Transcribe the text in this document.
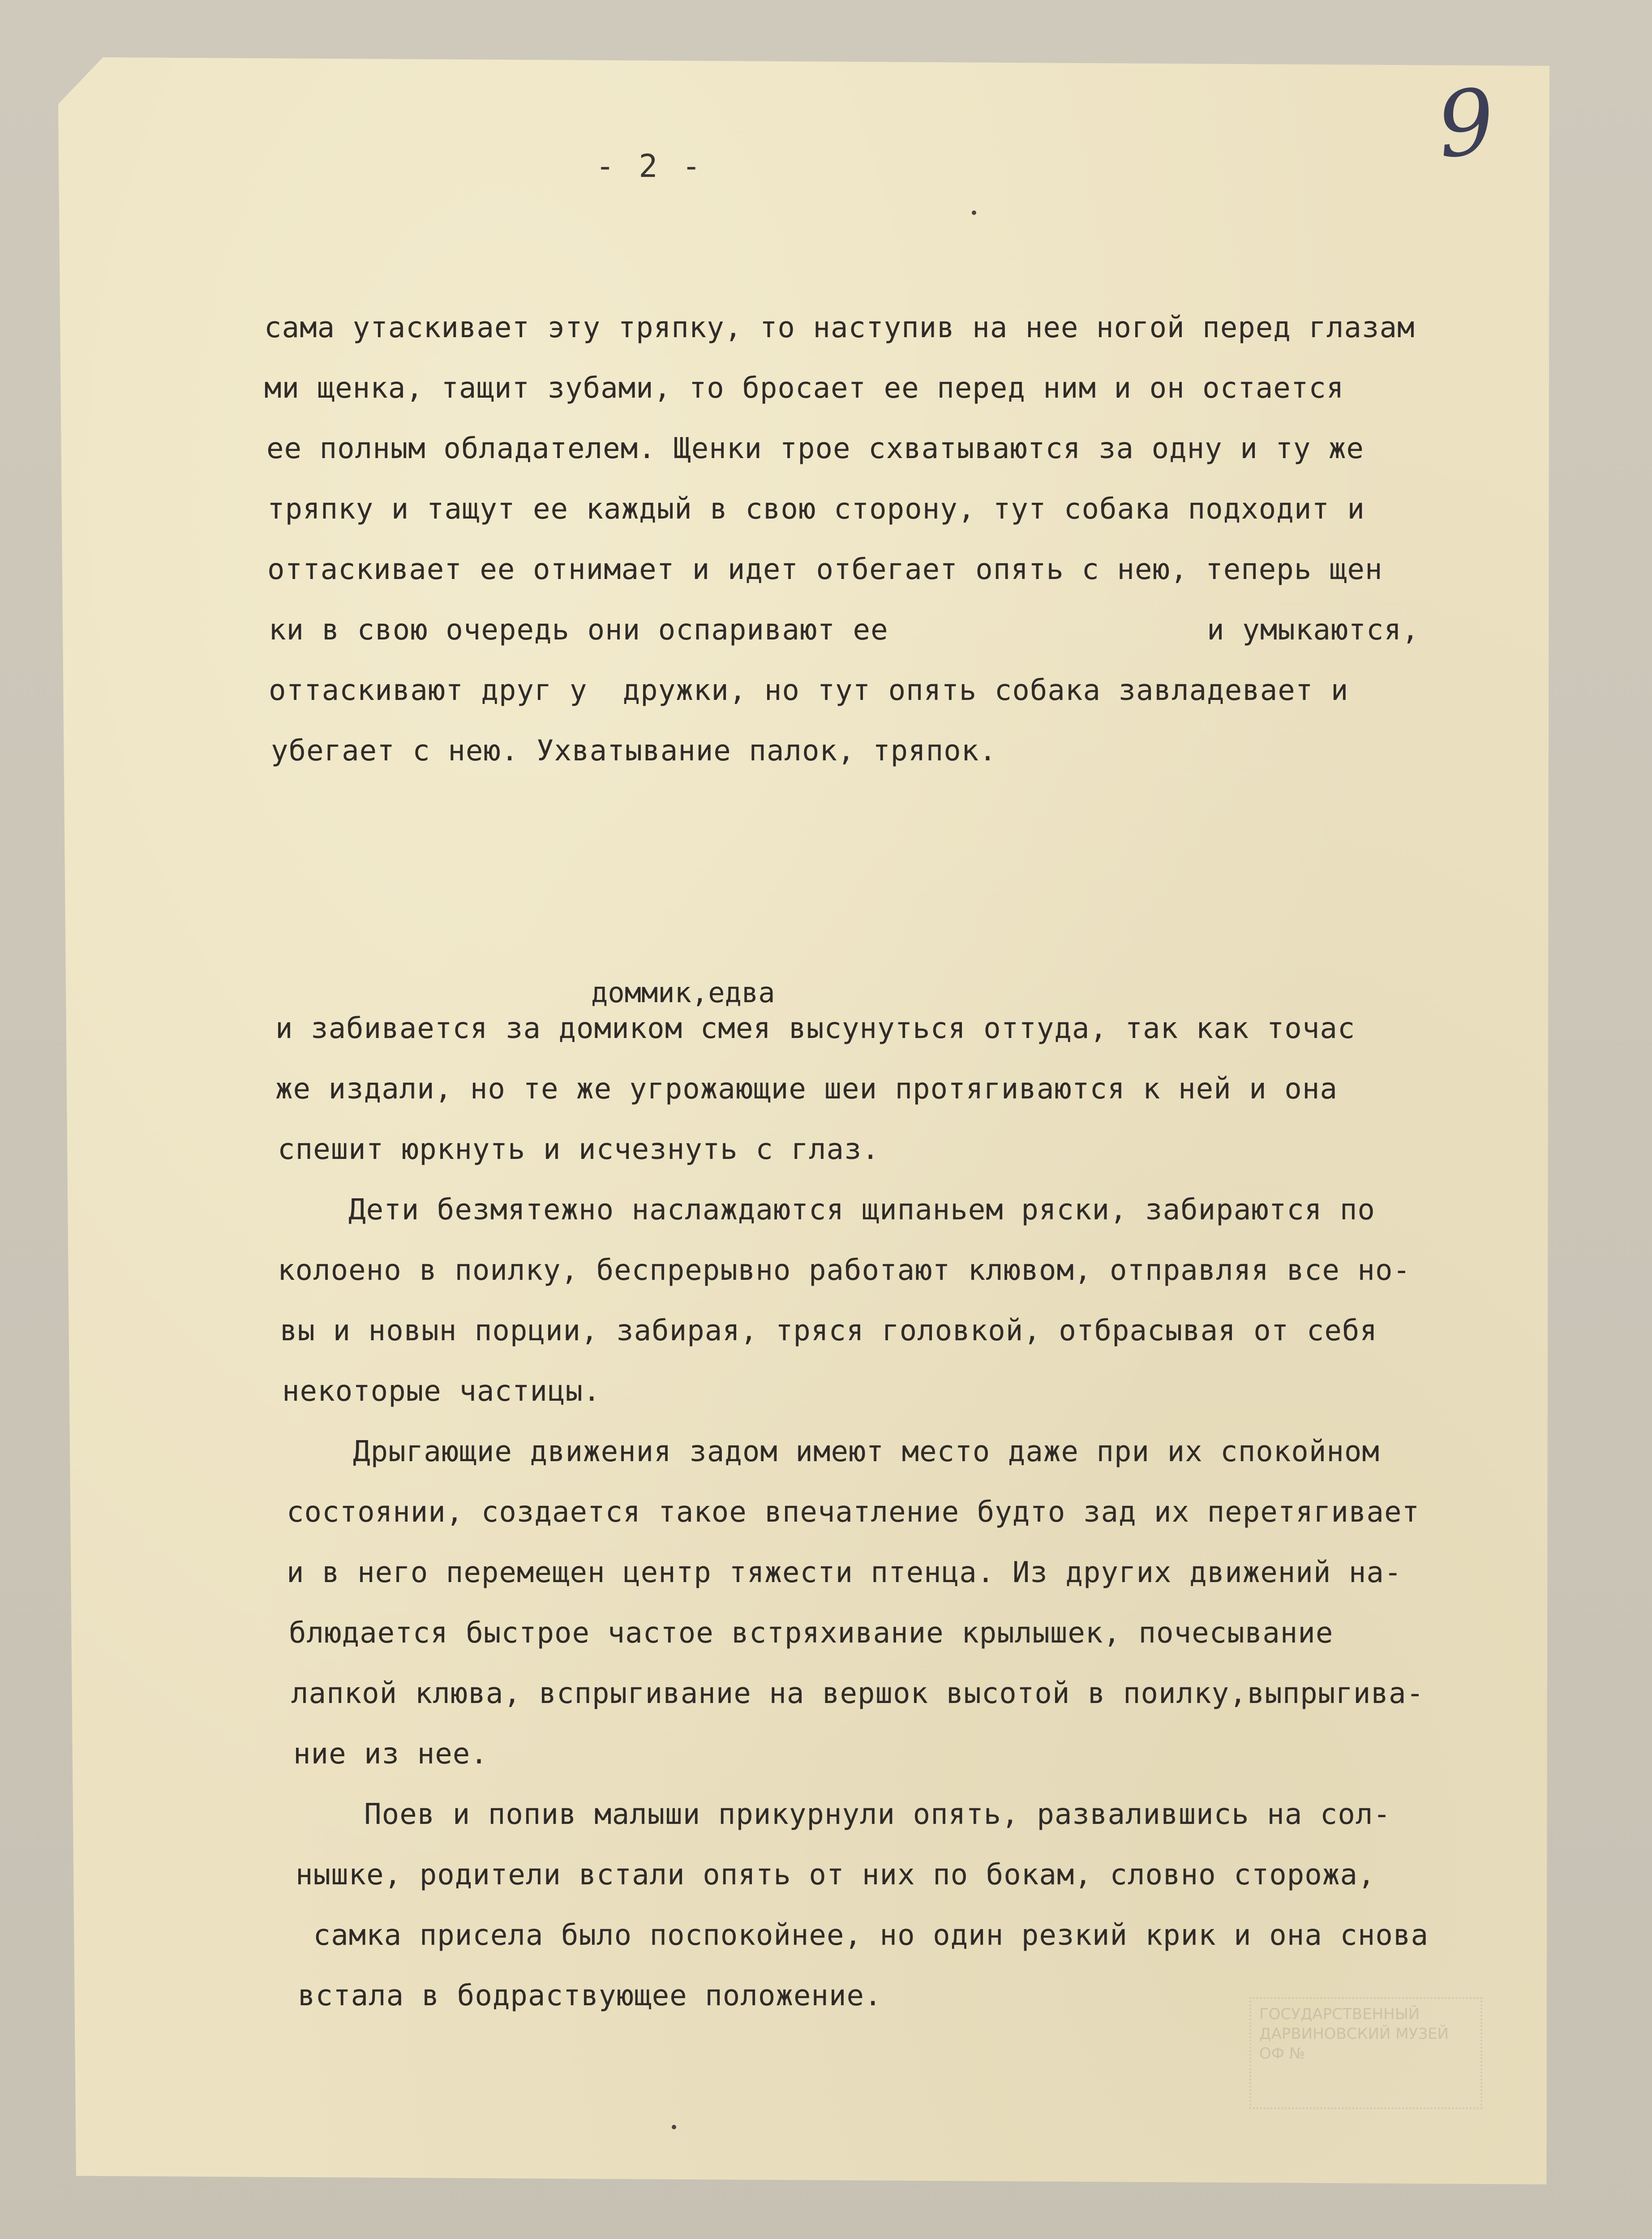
9
- 2 -
сама утаскивает эту тряпку, то наступив на нее ногой перед глазам
ми щенка, тащит зубами, то бросает ее перед ним и он остается
ее полным обладателем. Щенки трое схватываются за одну и ту же
тряпку и тащут ее каждый в свою сторону, тут собака подходит и
оттаскивает ее отнимает и идет отбегает опять с нею, теперь щен
ки в свою очередь они оспаривают ее                  и умыкаются,
оттаскивают друг у  дружки, но тут опять собака завладевает и
убегает с нею. Ухватывание палок, тряпок.
доммик,едва
и забивается за домиком смея высунуться оттуда, так как точас
же издали, но те же угрожающие шеи протягиваются к ней и она
спешит юркнуть и исчезнуть с глаз.
Дети безмятежно наслаждаются щипаньем ряски, забираются по
колоено в поилку, беспрерывно работают клювом, отправляя все но-
вы и новын порции, забирая, тряся головкой, отбрасывая от себя
некоторые частицы.
Дрыгающие движения задом имеют место даже при их спокойном
состоянии, создается такое впечатление будто зад их перетягивает
и в него перемещен центр тяжести птенца. Из других движений на-
блюдается быстрое частое встряхивание крылышек, почесывание
лапкой клюва, вспрыгивание на вершок высотой в поилку,выпрыгива-
ние из нее.
Поев и попив малыши прикурнули опять, развалившись на сол-
нышке, родители встали опять от них по бокам, словно сторожа,
самка присела было поспокойнее, но один резкий крик и она снова
встала в бодраствующее положение.
ГОСУДАРСТВЕННЫЙ
ДАРВИНОВСКИЙ МУЗЕЙ
ОФ №
